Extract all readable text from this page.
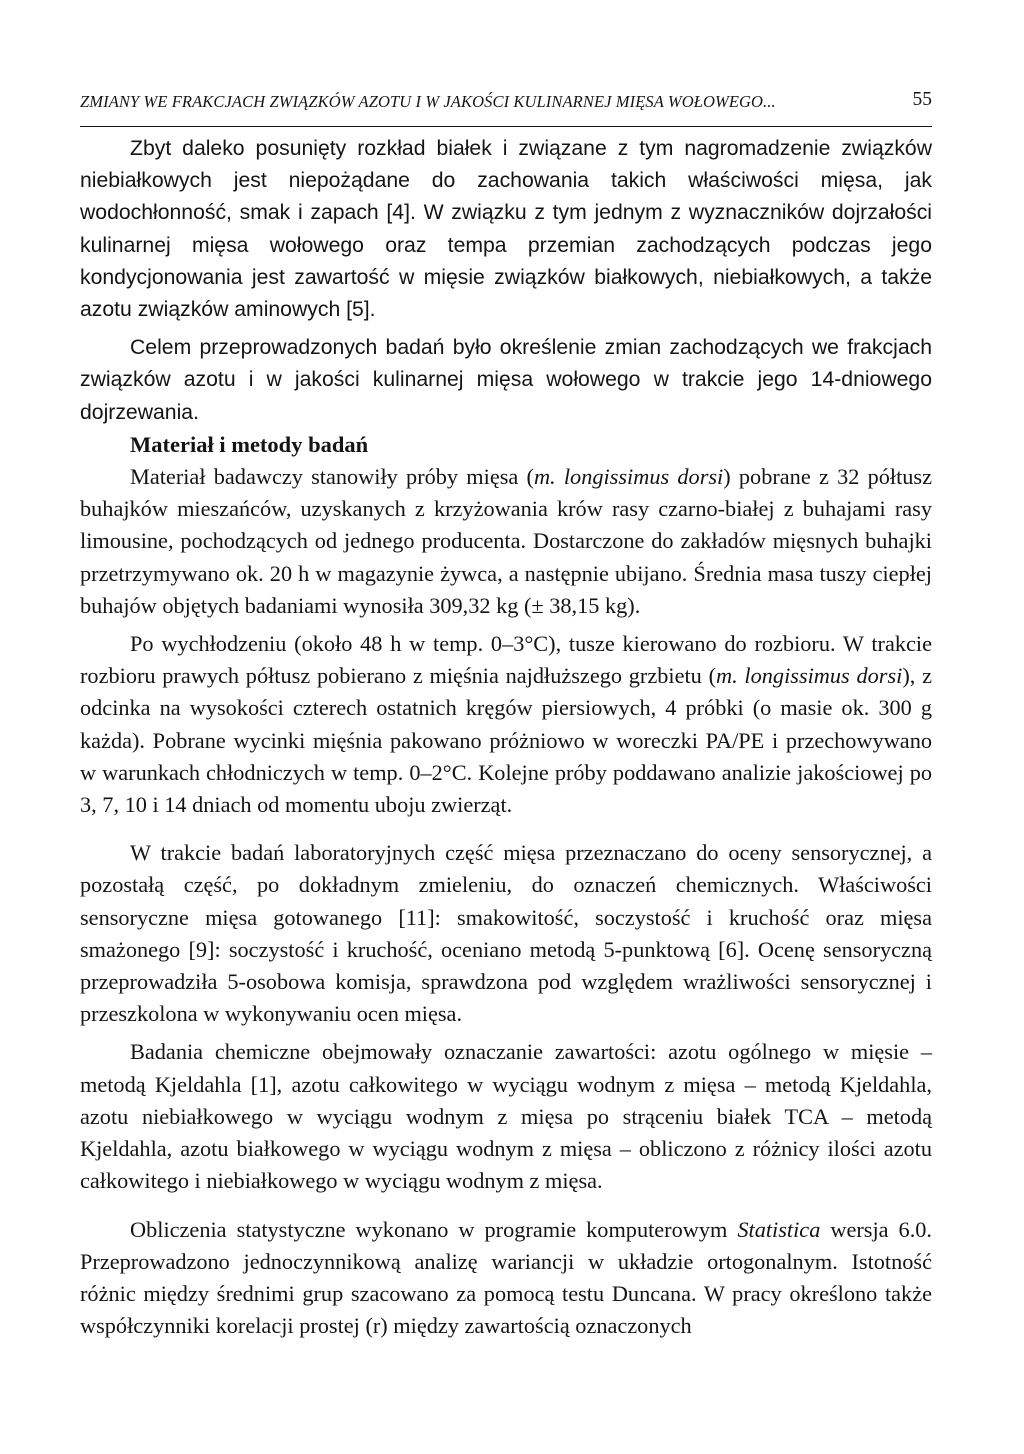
ZMIANY WE FRAKCJACH ZWIĄZKÓW AZOTU I W JAKOŚCI KULINARNEJ MIĘSA WOŁOWEGO...	55

Zbyt daleko posunięty rozkład białek i związane z tym nagromadzenie związków niebiałkowych jest niepożądane do zachowania takich właściwości mięsa, jak wodochłonność, smak i zapach [4]. W związku z tym jednym z wyznaczników dojrzałości kulinarnej mięsa wołowego oraz tempa przemian zachodzących podczas jego kondycjonowania jest zawartość w mięsie związków białkowych, niebiałkowych, a także azotu związków aminowych [5].

Celem przeprowadzonych badań było określenie zmian zachodzących we frakcjach związków azotu i w jakości kulinarnej mięsa wołowego w trakcie jego 14-dniowego dojrzewania.

Materiał i metody badań

Materiał badawczy stanowiły próby mięsa (m. longissimus dorsi) pobrane z 32 półtusz buhajków mieszańców, uzyskanych z krzyżowania krów rasy czarno-białej z buhajami rasy limousine, pochodzących od jednego producenta. Dostarczone do zakładów mięsnych buhajki przetrzymywano ok. 20 h w magazynie żywca, a następnie ubijano. Średnia masa tuszy ciepłej buhajów objętych badaniami wynosiła 309,32 kg (± 38,15 kg).

Po wychłodzeniu (około 48 h w temp. 0–3°C), tusze kierowano do rozbioru. W trakcie rozbioru prawych półtusz pobierano z mięśnia najdłuższego grzbietu (m. longissimus dorsi), z odcinka na wysokości czterech ostatnich kręgów piersiowych, 4 próbki (o masie ok. 300 g każda). Pobrane wycinki mięśnia pakowano próżniowo w woreczki PA/PE i przechowywano w warunkach chłodniczych w temp. 0–2°C. Kolejne próby poddawano analizie jakościowej po 3, 7, 10 i 14 dniach od momentu uboju zwierząt.

W trakcie badań laboratoryjnych część mięsa przeznaczano do oceny sensorycznej, a pozostałą część, po dokładnym zmieleniu, do oznaczeń chemicznych. Właściwości sensoryczne mięsa gotowanego [11]: smakowitość, soczystość i kruchość oraz mięsa smażonego [9]: soczystość i kruchość, oceniano metodą 5-punktową [6]. Ocenę sensoryczną przeprowadziła 5-osobowa komisja, sprawdzona pod względem wrażliwości sensorycznej i przeszkolona w wykonywaniu ocen mięsa.

Badania chemiczne obejmowały oznaczanie zawartości: azotu ogólnego w mięsie – metodą Kjeldahla [1], azotu całkowitego w wyciągu wodnym z mięsa – metodą Kjeldahla, azotu niebiałkowego w wyciągu wodnym z mięsa po strąceniu białek TCA – metodą Kjeldahla, azotu białkowego w wyciągu wodnym z mięsa – obliczono z różnicy ilości azotu całkowitego i niebiałkowego w wyciągu wodnym z mięsa.

Obliczenia statystyczne wykonano w programie komputerowym Statistica wersja 6.0. Przeprowadzono jednoczynnikową analizę wariancji w układzie ortogonalnym. Istotność różnic między średnimi grup szacowano za pomocą testu Duncana. W pracy określono także współczynniki korelacji prostej (r) między zawartością oznaczonych
